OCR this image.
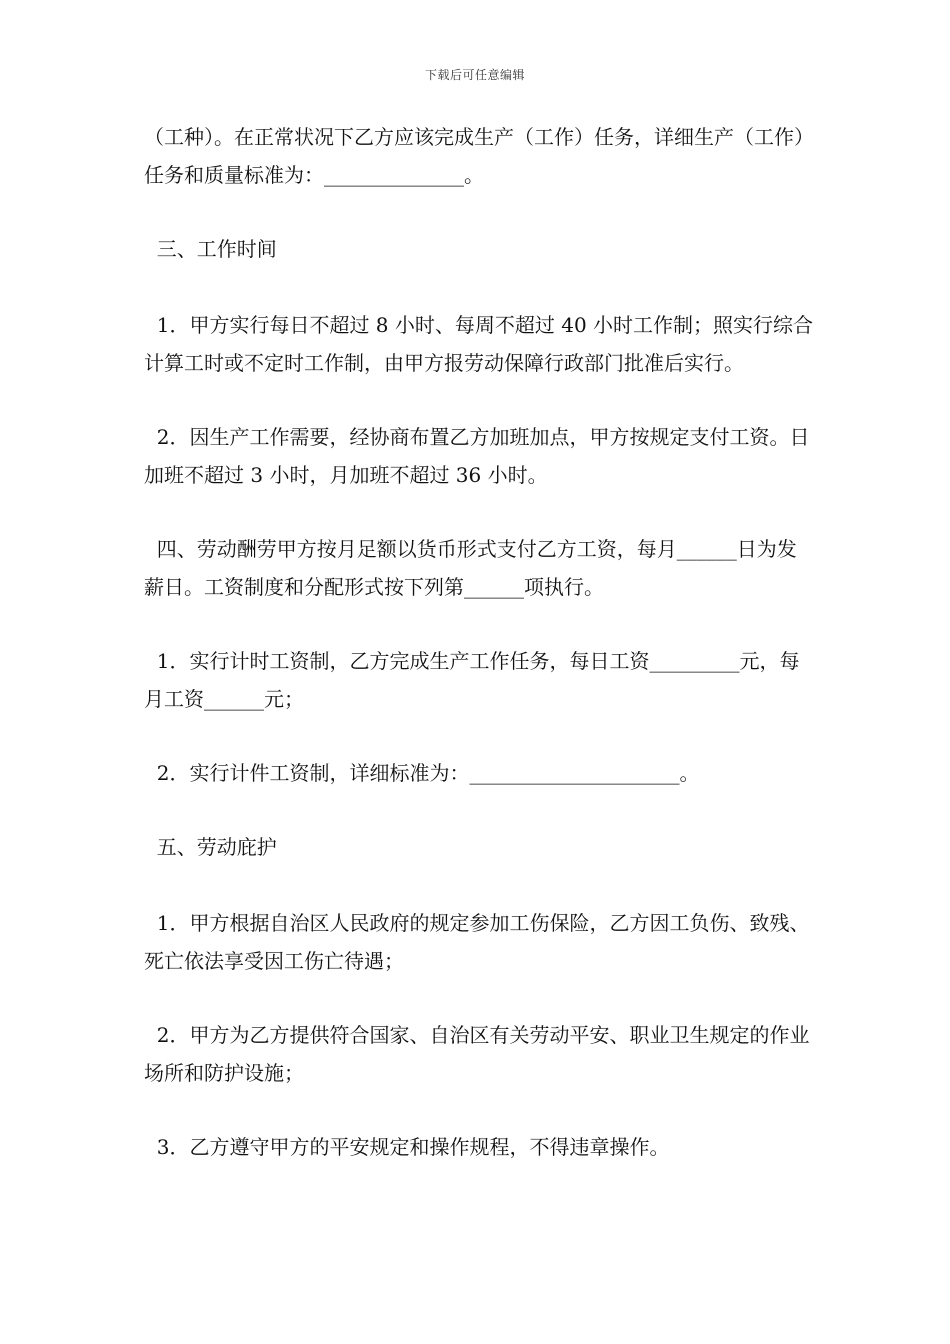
下载后可任意编辑

（工种）。在正常状况下乙方应该完成生产（工作）任务，详细生产（工作）任务和质量标准为：______________。

三、工作时间

1．甲方实行每日不超过 8 小时、每周不超过 40 小时工作制；照实行综合计算工时或不定时工作制，由甲方报劳动保障行政部门批准后实行。

2．因生产工作需要，经协商布置乙方加班加点，甲方按规定支付工资。日加班不超过 3 小时，月加班不超过 36 小时。

四、劳动酬劳甲方按月足额以货币形式支付乙方工资，每月______日为发薪日。工资制度和分配形式按下列第______项执行。

1．实行计时工资制，乙方完成生产工作任务，每日工资_________元，每月工资______元；

2．实行计件工资制，详细标准为：_____________________。

五、劳动庇护

1．甲方根据自治区人民政府的规定参加工伤保险，乙方因工负伤、致残、死亡依法享受因工伤亡待遇；

2．甲方为乙方提供符合国家、自治区有关劳动平安、职业卫生规定的作业场所和防护设施；

3．乙方遵守甲方的平安规定和操作规程，不得违章操作。
